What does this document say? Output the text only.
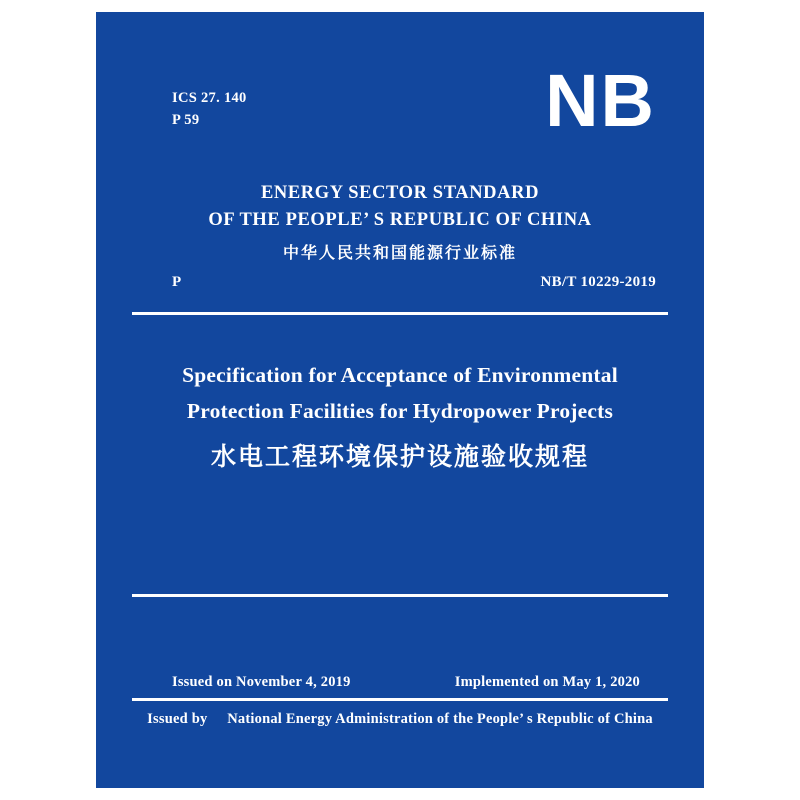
ICS 27. 140
P 59	NB
ENERGY SECTOR STANDARD
OF THE PEOPLE’ S REPUBLIC OF CHINA
中华人民共和国能源行业标准
P	NB/T 10229-2019
Specification for Acceptance of Environmental
Protection Facilities for Hydropower Projects
水电工程环境保护设施验收规程
Issued on November 4, 2019	Implemented on May 1, 2020
Issued by National Energy Administration of the People’ s Republic of China
